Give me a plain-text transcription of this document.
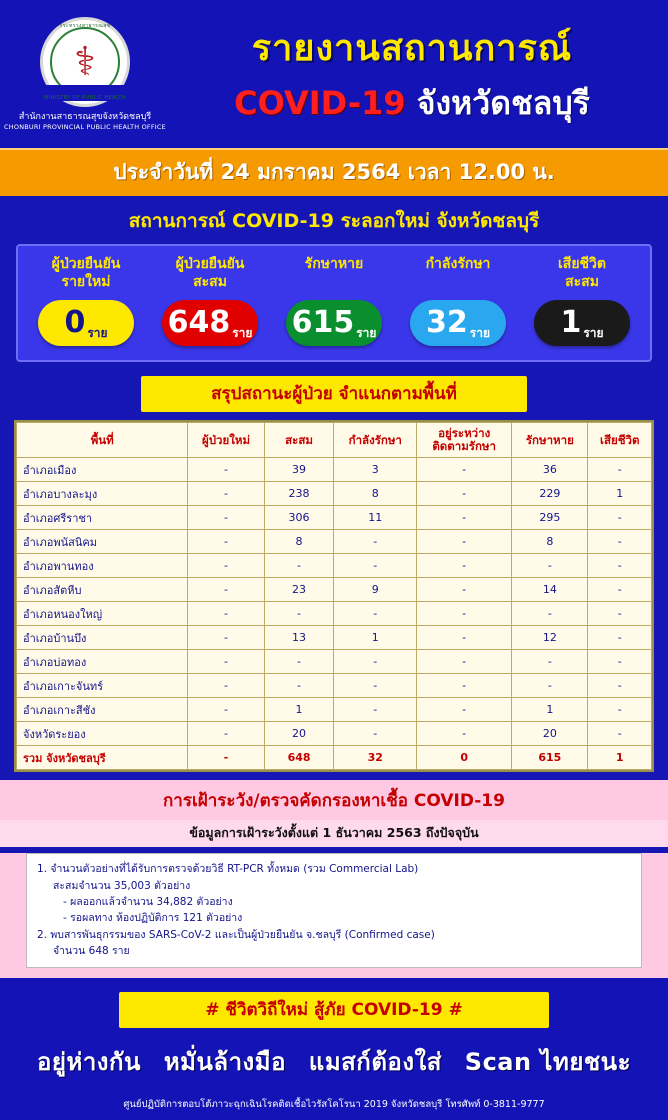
กระทรวงสาธารณสุข
⚕
MINISTRY OF PUBLIC HEALTH
สำนักงานสาธารณสุขจังหวัดชลบุรี
CHONBURI PROVINCIAL PUBLIC HEALTH OFFICE
รายงานสถานการณ์
COVID-19 จังหวัดชลบุรี
ประจำวันที่ 24 มกราคม 2564 เวลา 12.00 น.
สถานการณ์ COVID-19 ระลอกใหม่ จังหวัดชลบุรี
ผู้ป่วยยืนยัน
รายใหม่
0 ราย
ผู้ป่วยยืนยัน
สะสม
648 ราย
รักษาหาย
615 ราย
กำลังรักษา
32 ราย
เสียชีวิต
สะสม
1 ราย
สรุปสถานะผู้ป่วย จำแนกตามพื้นที่
พื้นที่	ผู้ป่วยใหม่	สะสม	กำลังรักษา	อยู่ระหว่าง
ติดตามรักษา	รักษาหาย	เสียชีวิต
อำเภอเมือง	-	39	3	-	36	-
อำเภอบางละมุง	-	238	8	-	229	1
อำเภอศรีราชา	-	306	11	-	295	-
อำเภอพนัสนิคม	-	8	-	-	8	-
อำเภอพานทอง	-	-	-	-	-	-
อำเภอสัตหีบ	-	23	9	-	14	-
อำเภอหนองใหญ่	-	-	-	-	-	-
อำเภอบ้านบึง	-	13	1	-	12	-
อำเภอบ่อทอง	-	-	-	-	-	-
อำเภอเกาะจันทร์	-	-	-	-	-	-
อำเภอเกาะสีชัง	-	1	-	-	1	-
จังหวัดระยอง	-	20	-	-	20	-
รวม จังหวัดชลบุรี	-	648	32	0	615	1
การเฝ้าระวัง/ตรวจคัดกรองหาเชื้อ COVID-19
ข้อมูลการเฝ้าระวังตั้งแต่ 1 ธันวาคม 2563 ถึงปัจจุบัน
1. จำนวนตัวอย่างที่ได้รับการตรวจด้วยวิธี RT-PCR ทั้งหมด (รวม Commercial Lab)
สะสมจำนวน 35,003 ตัวอย่าง
- ผลออกแล้วจำนวน 34,882 ตัวอย่าง
- รอผลทาง ห้องปฏิบัติการ 121 ตัวอย่าง
2. พบสารพันธุกรรมของ SARS-CoV-2 และเป็นผู้ป่วยยืนยัน จ.ชลบุรี (Confirmed case)
จำนวน 648 ราย
# ชีวิตวิถีใหม่ สู้ภัย COVID-19 #
อยู่ห่างกัน หมั่นล้างมือ แมสก์ต้องใส่ Scan ไทยชนะ
ศูนย์ปฏิบัติการตอบโต้ภาวะฉุกเฉินโรคติดเชื้อไวรัสโคโรนา 2019 จังหวัดชลบุรี โทรศัพท์ 0-3811-9777
